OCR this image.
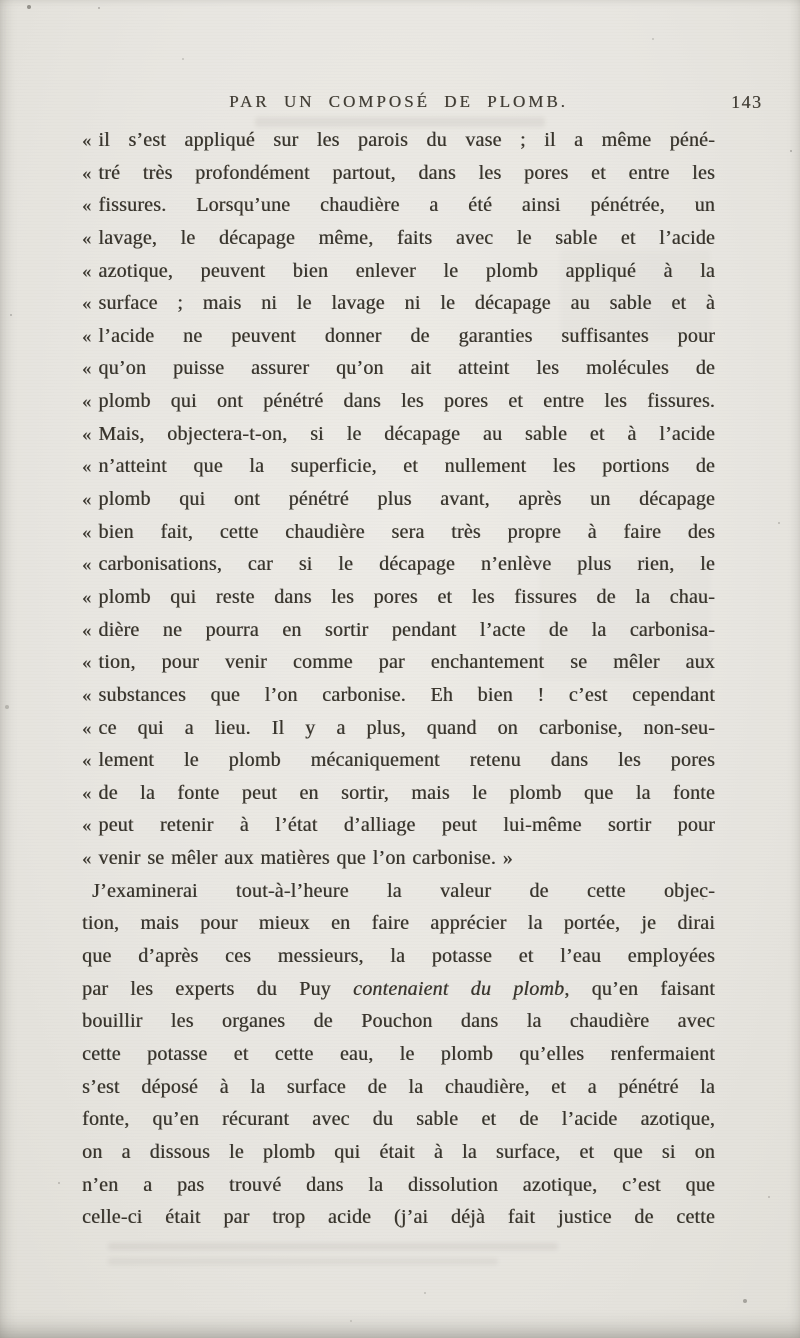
PAR UN COMPOSÉ DE PLOMB.	143
« il s’est appliqué sur les parois du vase ; il a même péné-
« tré très profondément partout, dans les pores et entre les
« fissures. Lorsqu’une chaudière a été ainsi pénétrée, un
« lavage, le décapage même, faits avec le sable et l’acide
« azotique, peuvent bien enlever le plomb appliqué à la
« surface ; mais ni le lavage ni le décapage au sable et à
« l’acide ne peuvent donner de garanties suffisantes pour
« qu’on puisse assurer qu’on ait atteint les molécules de
« plomb qui ont pénétré dans les pores et entre les fissures.
« Mais, objectera-t-on, si le décapage au sable et à l’acide
« n’atteint que la superficie, et nullement les portions de
« plomb qui ont pénétré plus avant, après un décapage
« bien fait, cette chaudière sera très propre à faire des
« carbonisations, car si le décapage n’enlève plus rien, le
« plomb qui reste dans les pores et les fissures de la chau-
« dière ne pourra en sortir pendant l’acte de la carbonisa-
« tion, pour venir comme par enchantement se mêler aux
« substances que l’on carbonise. Eh bien ! c’est cependant
« ce qui a lieu. Il y a plus, quand on carbonise, non-seu-
« lement le plomb mécaniquement retenu dans les pores
« de la fonte peut en sortir, mais le plomb que la fonte
« peut retenir à l’état d’alliage peut lui-même sortir pour
« venir se mêler aux matières que l’on carbonise. »
J’examinerai tout-à-l’heure la valeur de cette objec-
tion, mais pour mieux en faire apprécier la portée, je dirai
que d’après ces messieurs, la potasse et l’eau employées
par les experts du Puy contenaient du plomb, qu’en faisant
bouillir les organes de Pouchon dans la chaudière avec
cette potasse et cette eau, le plomb qu’elles renfermaient
s’est déposé à la surface de la chaudière, et a pénétré la
fonte, qu’en récurant avec du sable et de l’acide azotique,
on a dissous le plomb qui était à la surface, et que si on
n’en a pas trouvé dans la dissolution azotique, c’est que
celle-ci était par trop acide (j’ai déjà fait justice de cette
